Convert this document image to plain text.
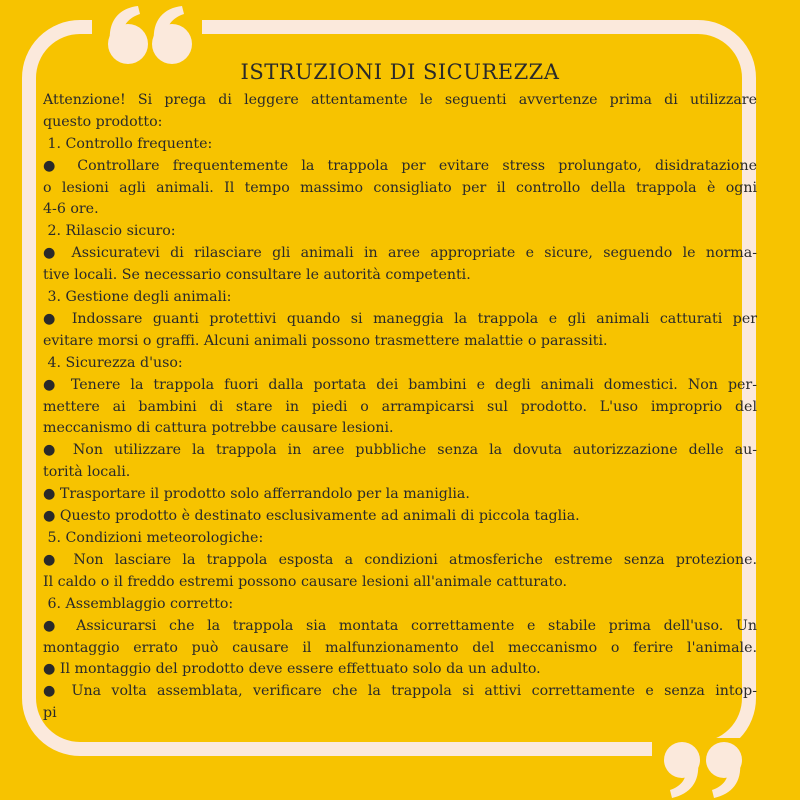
ISTRUZIONI DI SICUREZZA
Attenzione! Si prega di leggere attentamente le seguenti avvertenze prima di utilizzare
questo prodotto:
1. Controllo frequente:
● Controllare frequentemente la trappola per evitare stress prolungato, disidratazione
o lesioni agli animali. Il tempo massimo consigliato per il controllo della trappola è ogni
4-6 ore.
2. Rilascio sicuro:
● Assicuratevi di rilasciare gli animali in aree appropriate e sicure, seguendo le norma-
tive locali. Se necessario consultare le autorità competenti.
3. Gestione degli animali:
● Indossare guanti protettivi quando si maneggia la trappola e gli animali catturati per
evitare morsi o graffi. Alcuni animali possono trasmettere malattie o parassiti.
4. Sicurezza d'uso:
● Tenere la trappola fuori dalla portata dei bambini e degli animali domestici. Non per-
mettere ai bambini di stare in piedi o arrampicarsi sul prodotto. L'uso improprio del
meccanismo di cattura potrebbe causare lesioni.
● Non utilizzare la trappola in aree pubbliche senza la dovuta autorizzazione delle au-
torità locali.
● Trasportare il prodotto solo afferrandolo per la maniglia.
● Questo prodotto è destinato esclusivamente ad animali di piccola taglia.
5. Condizioni meteorologiche:
● Non lasciare la trappola esposta a condizioni atmosferiche estreme senza protezione.
Il caldo o il freddo estremi possono causare lesioni all'animale catturato.
6. Assemblaggio corretto:
● Assicurarsi che la trappola sia montata correttamente e stabile prima dell'uso. Un
montaggio errato può causare il malfunzionamento del meccanismo o ferire l'animale.
● Il montaggio del prodotto deve essere effettuato solo da un adulto.
● Una volta assemblata, verificare che la trappola si attivi correttamente e senza intop-
pi
